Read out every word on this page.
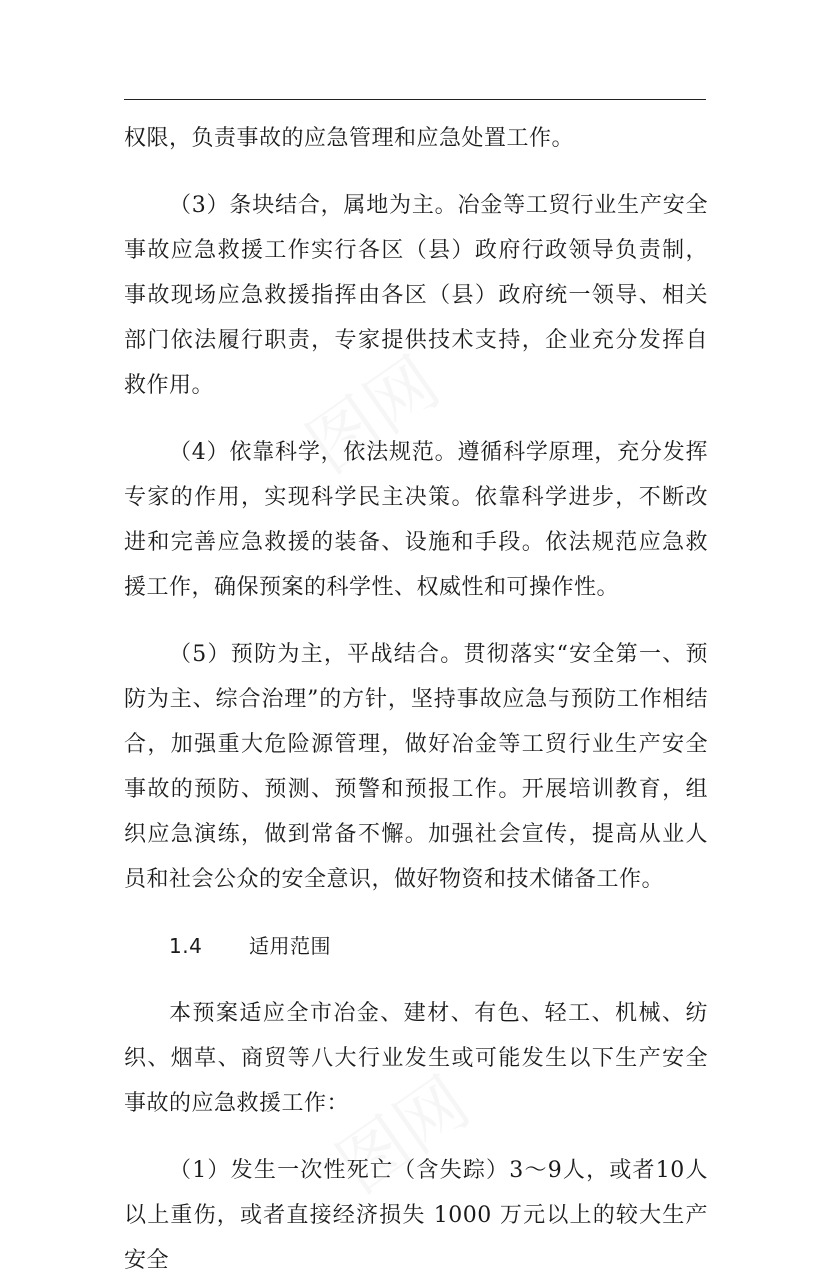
权限，负责事故的应急管理和应急处置工作。

（3）条块结合，属地为主。冶金等工贸行业生产安全事故应急救援工作实行各区（县）政府行政领导负责制，事故现场应急救援指挥由各区（县）政府统一领导、相关部门依法履行职责，专家提供技术支持，企业充分发挥自救作用。

（4）依靠科学，依法规范。遵循科学原理，充分发挥专家的作用，实现科学民主决策。依靠科学进步，不断改进和完善应急救援的装备、设施和手段。依法规范应急救援工作，确保预案的科学性、权威性和可操作性。

（5）预防为主，平战结合。贯彻落实“安全第一、预防为主、综合治理”的方针，坚持事故应急与预防工作相结合，加强重大危险源管理，做好冶金等工贸行业生产安全事故的预防、预测、预警和预报工作。开展培训教育，组织应急演练，做到常备不懈。加强社会宣传，提高从业人员和社会公众的安全意识，做好物资和技术储备工作。

1.4 适用范围

本预案适应全市冶金、建材、有色、轻工、机械、纺织、烟草、商贸等八大行业发生或可能发生以下生产安全事故的应急救援工作：

（1）发生一次性死亡（含失踪）3～9人，或者10人以上重伤，或者直接经济损失 1000 万元以上的较大生产安全
